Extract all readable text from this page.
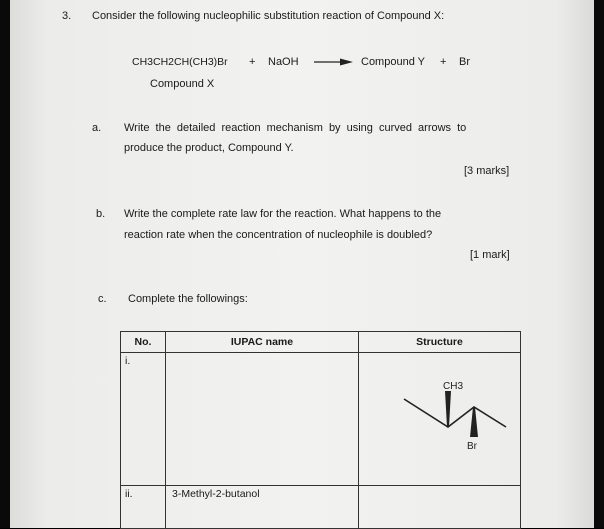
3. Consider the following nucleophilic substitution reaction of Compound X:
CH3CH2CH(CH3)Br + NaOH → Compound Y + Br
Compound X
a. Write the detailed reaction mechanism by using curved arrows to
produce the product, Compound Y.
[3 marks]
b. Write the complete rate law for the reaction. What happens to the
reaction rate when the concentration of nucleophile is doubled?
[1 mark]
c. Complete the followings:
No.	IUPAC name	Structure
i.		CH3
Br

ii.	3-Methyl-2-butanol	
